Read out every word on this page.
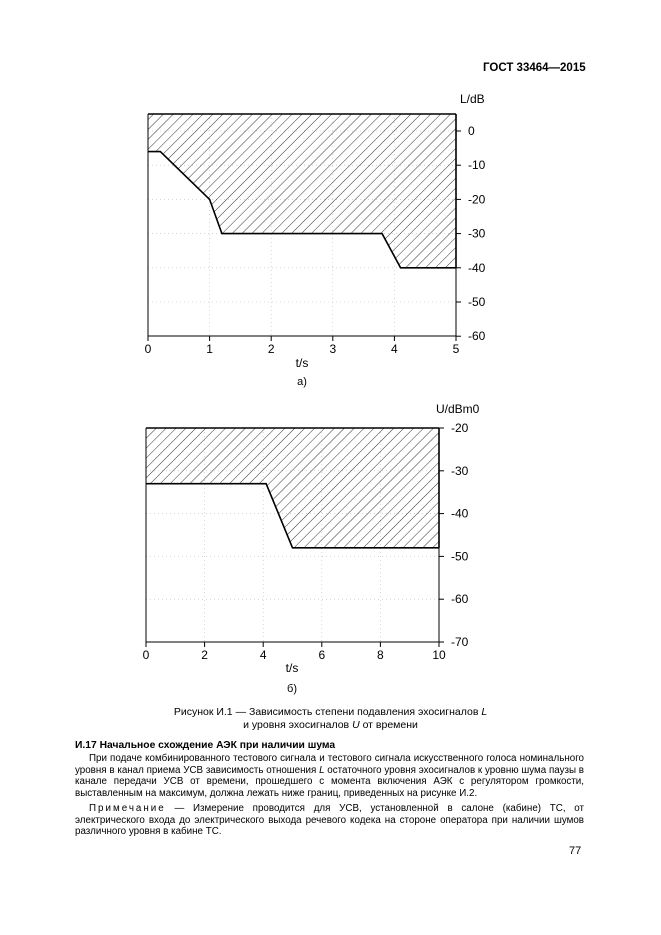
ГОСТ 33464—2015
0	1	2	3	4	5
0
-10
-20
-30
-40
-50
-60
L/dB
t/s
а)
0	2	4	6	8	10
-20
-30
-40
-50
-60
-70
U/dBm0
t/s
б)
Рисунок И.1 — Зависимость степени подавления эхосигналов L
и уровня эхосигналов U от времени
И.17 Начальное схождение АЭК при наличии шума
При подаче комбинированного тестового сигнала и тестового сигнала искусственного голоса номинального уровня в канал приема УСВ зависимость отношения L остаточного уровня эхосигналов к уровню шума паузы в канале передачи УСВ от времени, прошедшего с момента включения АЭК с регулятором громкости, выставленным на максимум, должна лежать ниже границ, приведенных на рисунке И.2.
Примечание — Измерение проводится для УСВ, установленной в салоне (кабине) ТС, от электрического входа до электрического выхода речевого кодека на стороне оператора при наличии шумов различного уровня в кабине ТС.
77
